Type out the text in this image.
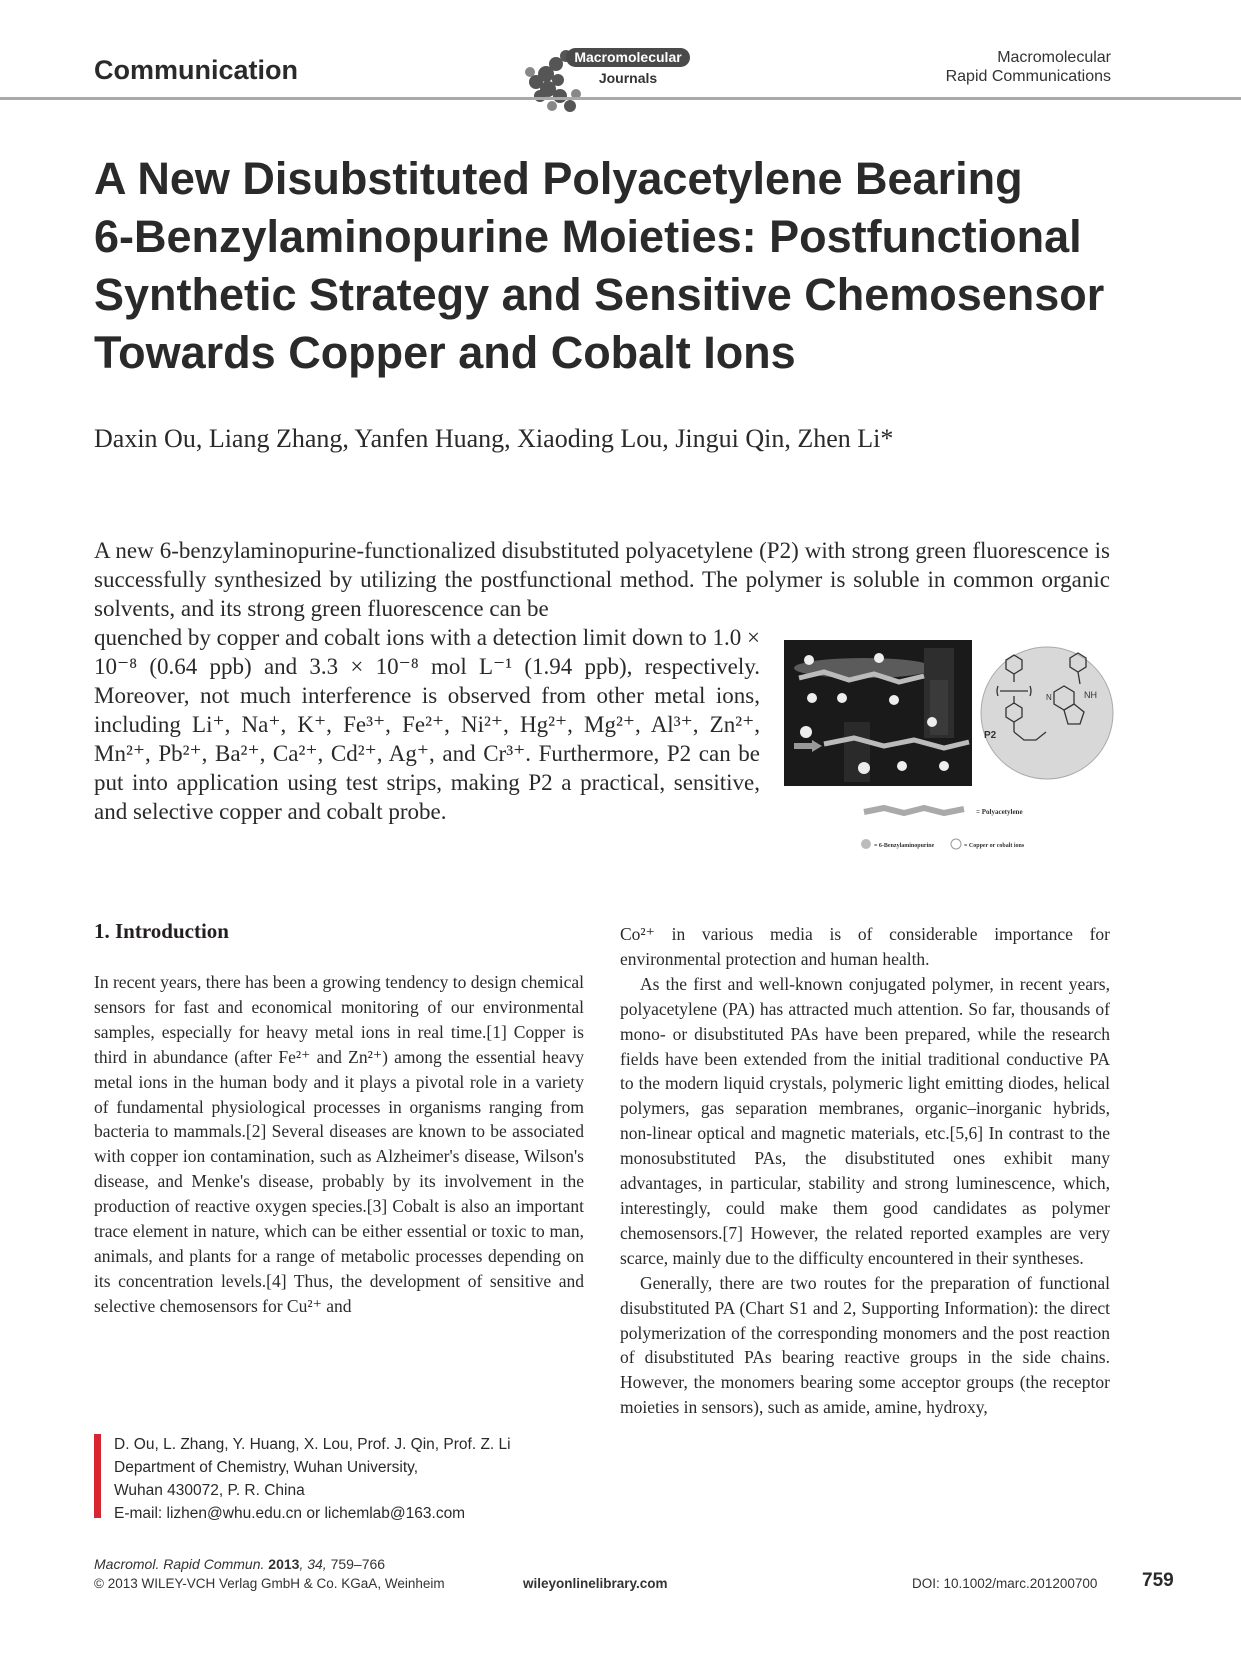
Communication	Macromolecular
Journals
Macromolecular
Rapid Communications
A New Disubstituted Polyacetylene Bearing
6-Benzylaminopurine Moieties: Postfunctional
Synthetic Strategy and Sensitive Chemosensor
Towards Copper and Cobalt Ions
Daxin Ou, Liang Zhang, Yanfen Huang, Xiaoding Lou, Jingui Qin, Zhen Li*
A new 6-benzylaminopurine-functionalized disubstituted polyacetylene (P2) with strong green fluorescence is successfully synthesized by utilizing the postfunctional method. The polymer is soluble in common organic solvents, and its strong green fluorescence can be
quenched by copper and cobalt ions with a detection limit down to 1.0 × 10⁻⁸ (0.64 ppb) and 3.3 × 10⁻⁸ mol L⁻¹ (1.94 ppb), respectively. Moreover, not much interference is observed from other metal ions, including Li⁺, Na⁺, K⁺, Fe³⁺, Fe²⁺, Ni²⁺, Hg²⁺, Mg²⁺, Al³⁺, Zn²⁺, Mn²⁺, Pb²⁺, Ba²⁺, Ca²⁺, Cd²⁺, Ag⁺, and Cr³⁺. Furthermore, P2 can be put into application using test strips, making P2 a practical, sensitive, and selective copper and cobalt probe.
N	NH
P2
= Polyacetylene
= 6-Benzylaminopurine	= Copper or cobalt ions
1. Introduction

In recent years, there has been a growing tendency to design chemical sensors for fast and economical monitoring of our environmental samples, especially for heavy metal ions in real time.[1] Copper is third in abundance (after Fe²⁺ and Zn²⁺) among the essential heavy metal ions in the human body and it plays a pivotal role in a variety of fundamental physiological processes in organisms ranging from bacteria to mammals.[2] Several diseases are known to be associated with copper ion contamination, such as Alzheimer's disease, Wilson's disease, and Menke's disease, probably by its involvement in the production of reactive oxygen species.[3] Cobalt is also an important trace element in nature, which can be either essential or toxic to man, animals, and plants for a range of metabolic processes depending on its concentration levels.[4] Thus, the development of sensitive and selective chemosensors for Cu²⁺ and

Co²⁺ in various media is of considerable importance for environmental protection and human health.

As the first and well-known conjugated polymer, in recent years, polyacetylene (PA) has attracted much attention. So far, thousands of mono- or disubstituted PAs have been prepared, while the research fields have been extended from the initial traditional conductive PA to the modern liquid crystals, polymeric light emitting diodes, helical polymers, gas separation membranes, organic–inorganic hybrids, non-linear optical and magnetic materials, etc.[5,6] In contrast to the monosubstituted PAs, the disubstituted ones exhibit many advantages, in particular, stability and strong luminescence, which, interestingly, could make them good candidates as polymer chemosensors.[7] However, the related reported examples are very scarce, mainly due to the difficulty encountered in their syntheses.

Generally, there are two routes for the preparation of functional disubstituted PA (Chart S1 and 2, Supporting Information): the direct polymerization of the corresponding monomers and the post reaction of disubstituted PAs bearing reactive groups in the side chains. However, the monomers bearing some acceptor groups (the receptor moieties in sensors), such as amide, amine, hydroxy,

D. Ou, L. Zhang, Y. Huang, X. Lou, Prof. J. Qin, Prof. Z. Li
Department of Chemistry, Wuhan University,
Wuhan 430072, P. R. China
E-mail: lizhen@whu.edu.cn or lichemlab@163.com
Macromol. Rapid Commun. 2013, 34, 759–766
© 2013 WILEY-VCH Verlag GmbH & Co. KGaA, Weinheim	wileyonlinelibrary.com	DOI: 10.1002/marc.201200700 759
